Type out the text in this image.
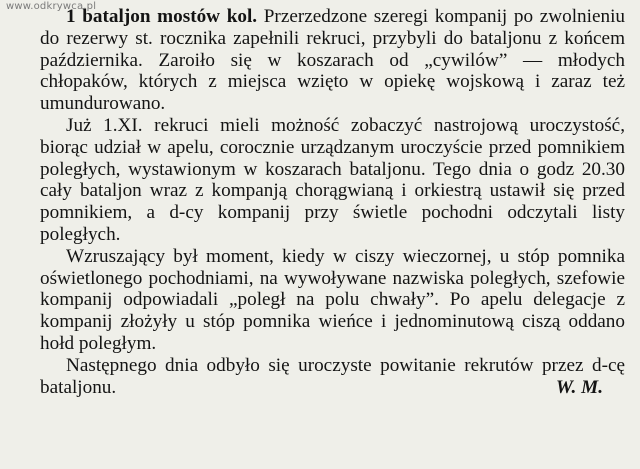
www.odkrywca.pl

1 bataljon mostów kol. Przerzedzone szeregi kompanij po zwolnieniu do rezerwy st. rocznika zapełnili rekruci, przybyli do bataljonu z końcem października. Zaroiło się w koszarach od „cywilów” — młodych chłopaków, których z miejsca wzięto w opiekę wojskową i zaraz też umundurowano.

Już 1.XI. rekruci mieli możność zobaczyć nastrojową uroczystość, biorąc udział w apelu, corocznie urządzanym uroczyście przed pomnikiem poległych, wystawionym w koszarach bataljonu. Tego dnia o godz 20.30 cały bataljon wraz z kompanją chorągwianą i orkiestrą ustawił się przed pomnikiem, a d-cy kompanij przy świetle pochodni odczytali listy poległych.

Wzruszający był moment, kiedy w ciszy wieczornej, u stóp pomnika oświetlonego pochodniami, na wywoływane nazwiska poległych, szefowie kompanij odpowiadali „poległ na polu chwały”. Po apelu delegacje z kompanij złożyły u stóp pomnika wieńce i jednominutową ciszą oddano hołd poległym.

Następnego dnia odbyło się uroczyste powitanie rekrutów przez d-cę bataljonu.	W. M.
